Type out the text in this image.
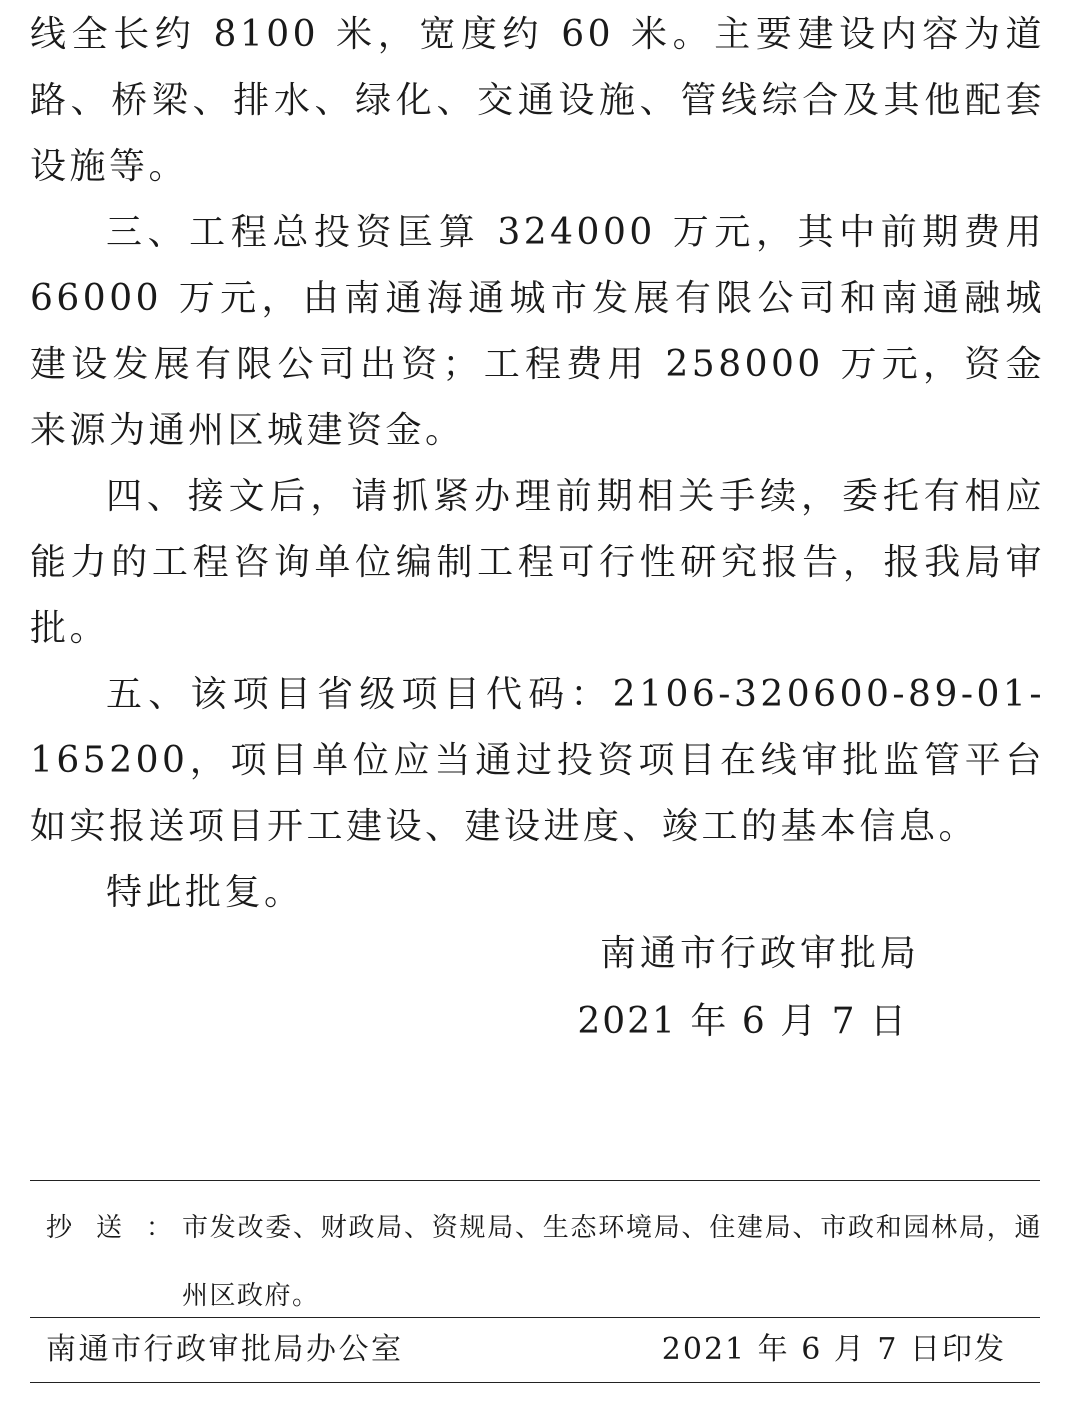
线全长约 8100 米，宽度约 60 米。主要建设内容为道路、桥梁、排水、绿化、交通设施、管线综合及其他配套设施等。

三、工程总投资匡算 324000 万元，其中前期费用 66000 万元，由南通海通城市发展有限公司和南通融城建设发展有限公司出资；工程费用 258000 万元，资金来源为通州区城建资金。

四、接文后，请抓紧办理前期相关手续，委托有相应能力的工程咨询单位编制工程可行性研究报告，报我局审批。

五、该项目省级项目代码：2106-320600-89-01-165200，项目单位应当通过投资项目在线审批监管平台如实报送项目开工建设、建设进度、竣工的基本信息。

特此批复。

南通市行政审批局
2021 年 6 月 7 日
抄送：
市发改委、财政局、资规局、生态环境局、住建局、市政和园林局，通州区政府。
南通市行政审批局办公室	2021 年 6 月 7 日印发
